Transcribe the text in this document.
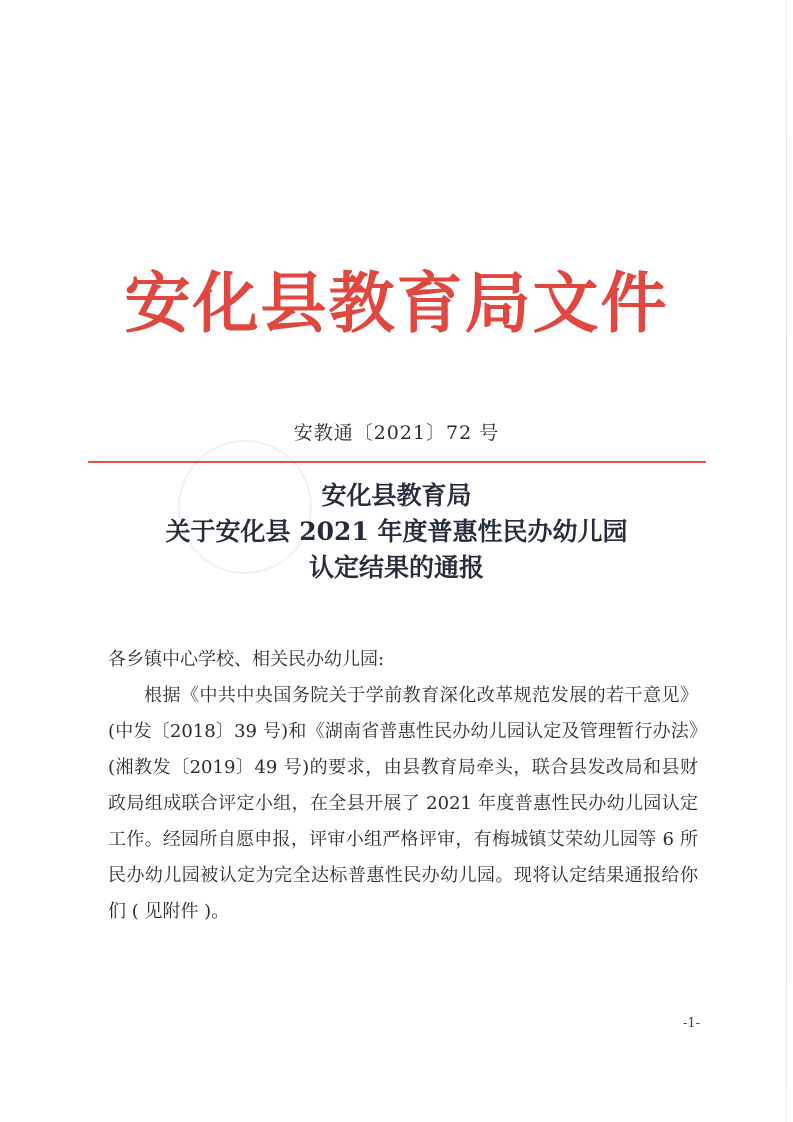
安化县教育局文件
安教通〔2021〕72 号
安化县教育局
关于安化县 2021 年度普惠性民办幼儿园
认定结果的通报
各乡镇中心学校、相关民办幼儿园:
根据《中共中央国务院关于学前教育深化改革规范发展的若干意见》(中发〔2018〕39 号)和《湖南省普惠性民办幼儿园认定及管理暂行办法》(湘教发〔2019〕49 号)的要求，由县教育局牵头，联合县发改局和县财政局组成联合评定小组，在全县开展了 2021 年度普惠性民办幼儿园认定工作。经园所自愿申报，评审小组严格评审，有梅城镇艾荣幼儿园等 6 所民办幼儿园被认定为完全达标普惠性民办幼儿园。现将认定结果通报给你们 ( 见附件 )。
-1-
